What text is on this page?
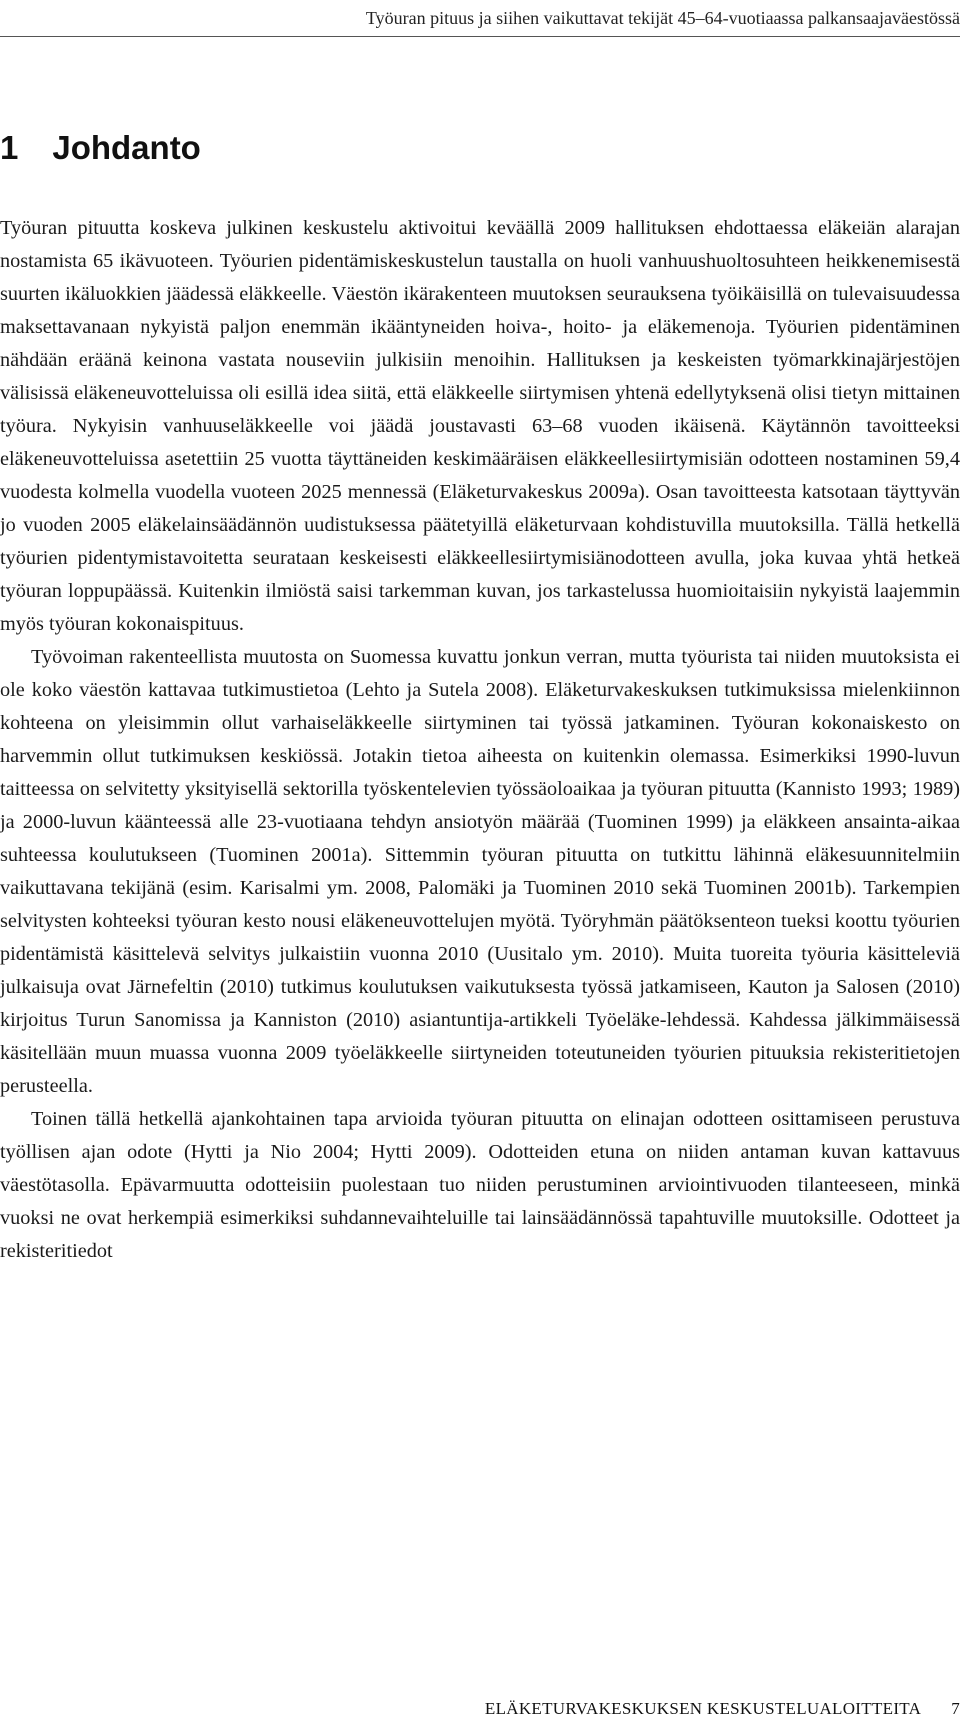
Työuran pituus ja siihen vaikuttavat tekijät 45–64-vuotiaassa palkansaajaväestössä
1 Johdanto

Työuran pituutta koskeva julkinen keskustelu aktivoitui keväällä 2009 hallituksen ehdottaessa eläkeiän alarajan nostamista 65 ikävuoteen. Työurien pidentämiskeskustelun taustalla on huoli vanhuushuoltosuhteen heikkenemisestä suurten ikäluokkien jäädessä eläkkeelle. Väestön ikärakenteen muutoksen seurauksena työikäisillä on tulevaisuudessa maksettavanaan nykyistä paljon enemmän ikääntyneiden hoiva-, hoito- ja eläkemenoja. Työurien pidentäminen nähdään eräänä keinona vastata nouseviin julkisiin menoihin. Hallituksen ja keskeisten työmarkkinajärjestöjen välisissä eläkeneuvotteluissa oli esillä idea siitä, että eläkkeelle siirtymisen yhtenä edellytyksenä olisi tietyn mittainen työura. Nykyisin vanhuuseläkkeelle voi jäädä joustavasti 63–68 vuoden ikäisenä. Käytännön tavoitteeksi eläkeneuvotteluissa asetettiin 25 vuotta täyttäneiden keskimääräisen eläkkeellesiirtymisiän odotteen nostaminen 59,4 vuodesta kolmella vuodella vuoteen 2025 mennessä (Eläketurvakeskus 2009a). Osan tavoitteesta katsotaan täyttyvän jo vuoden 2005 eläkelainsäädännön uudistuksessa päätetyillä eläketurvaan kohdistuvilla muutoksilla. Tällä hetkellä työurien pidentymistavoitetta seurataan keskeisesti eläkkeellesiirtymisiänodotteen avulla, joka kuvaa yhtä hetkeä työuran loppupäässä. Kuitenkin ilmiöstä saisi tarkemman kuvan, jos tarkastelussa huomioitaisiin nykyistä laajemmin myös työuran kokonaispituus.

Työvoiman rakenteellista muutosta on Suomessa kuvattu jonkun verran, mutta työurista tai niiden muutoksista ei ole koko väestön kattavaa tutkimustietoa (Lehto ja Sutela 2008). Eläketurvakeskuksen tutkimuksissa mielenkiinnon kohteena on yleisimmin ollut varhaiseläkkeelle siirtyminen tai työssä jatkaminen. Työuran kokonaiskesto on harvemmin ollut tutkimuksen keskiössä. Jotakin tietoa aiheesta on kuitenkin olemassa. Esimerkiksi 1990-luvun taitteessa on selvitetty yksityisellä sektorilla työskentelevien työssäoloaikaa ja työuran pituutta (Kannisto 1993; 1989) ja 2000-luvun käänteessä alle 23-vuotiaana tehdyn ansiotyön määrää (Tuominen 1999) ja eläkkeen ansainta-aikaa suhteessa koulutukseen (Tuominen 2001a). Sittemmin työuran pituutta on tutkittu lähinnä eläkesuunnitelmiin vaikuttavana tekijänä (esim. Karisalmi ym. 2008, Palomäki ja Tuominen 2010 sekä Tuominen 2001b). Tarkempien selvitysten kohteeksi työuran kesto nousi eläkeneuvottelujen myötä. Työryhmän päätöksenteon tueksi koottu työurien pidentämistä käsittelevä selvitys julkaistiin vuonna 2010 (Uusitalo ym. 2010). Muita tuoreita työuria käsitteleviä julkaisuja ovat Järnefeltin (2010) tutkimus koulutuksen vaikutuksesta työssä jatkamiseen, Kauton ja Salosen (2010) kirjoitus Turun Sanomissa ja Kanniston (2010) asiantuntija-artikkeli Työeläke-lehdessä. Kahdessa jälkimmäisessä käsitellään muun muassa vuonna 2009 työeläkkeelle siirtyneiden toteutuneiden työurien pituuksia rekisteritietojen perusteella.

Toinen tällä hetkellä ajankohtainen tapa arvioida työuran pituutta on elinajan odotteen osittamiseen perustuva työllisen ajan odote (Hytti ja Nio 2004; Hytti 2009). Odotteiden etuna on niiden antaman kuvan kattavuus väestötasolla. Epävarmuutta odotteisiin puolestaan tuo niiden perustuminen arviointivuoden tilanteeseen, minkä vuoksi ne ovat herkempiä esimerkiksi suhdannevaihteluille tai lainsäädännössä tapahtuville muutoksille. Odotteet ja rekisteritiedot

ELÄKETURVAKESKUKSEN KESKUSTELUALOITTEITA 7
